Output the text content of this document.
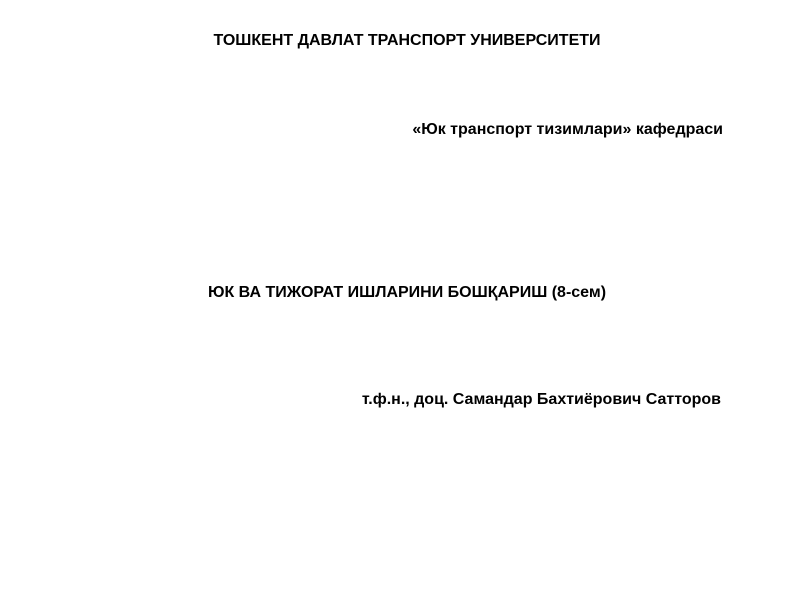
ТОШКЕНТ ДАВЛАТ ТРАНСПОРТ УНИВЕРСИТЕТИ
«Юк транспорт тизимлари» кафедраси
ЮК ВА ТИЖОРАТ ИШЛАРИНИ БОШҚАРИШ (8-сем)
т.ф.н., доц. Самандар Бахтиёрович Сатторов
